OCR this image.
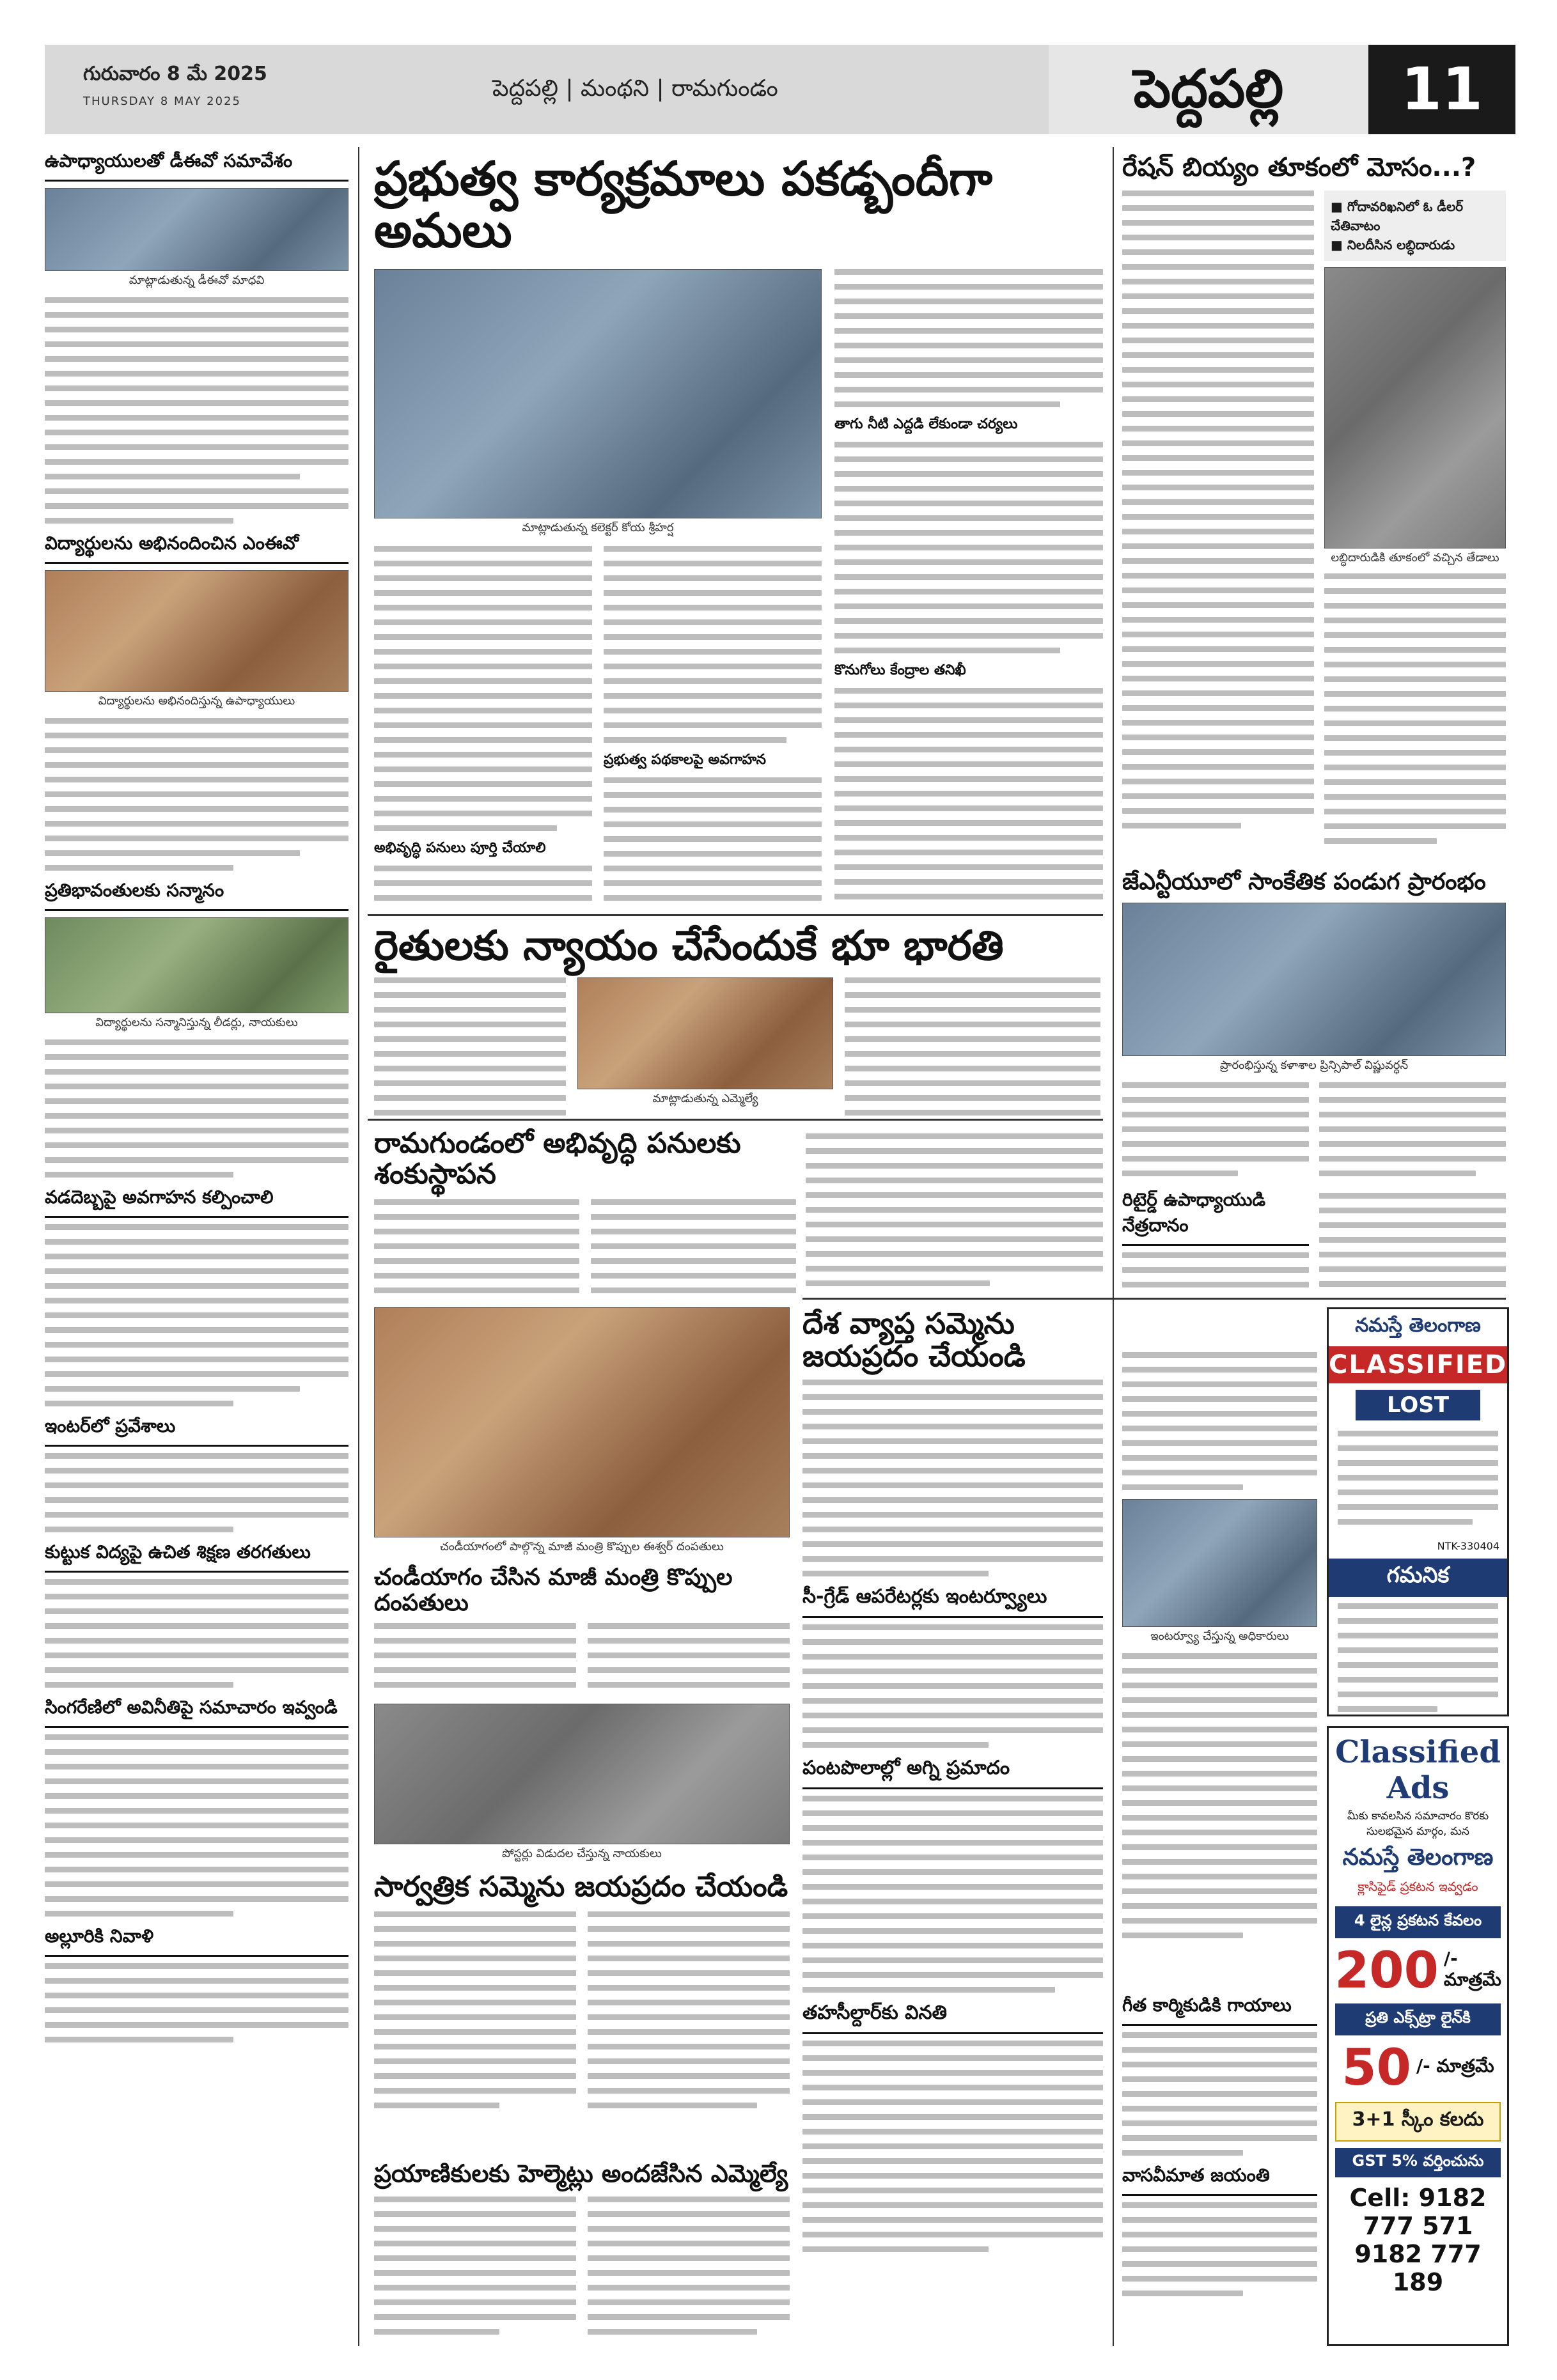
గురువారం 8 మే 2025
THURSDAY 8 MAY 2025	పెద్దపల్లి | మంథని | రామగుండం	పెద్దపల్లి	11
ఉపాధ్యాయులతో డీఈవో సమావేశం
మాట్లాడుతున్న డీఈవో మాధవి
విద్యార్థులను అభినందించిన ఎంఈవో
విద్యార్థులను అభినందిస్తున్న ఉపాధ్యాయులు
ప్రతిభావంతులకు సన్మానం
విద్యార్థులను సన్మానిస్తున్న లీడర్లు, నాయకులు
వడదెబ్బపై అవగాహన కల్పించాలి
ఇంటర్‌లో ప్రవేశాలు
కుట్టుక విద్యపై ఉచిత శిక్షణ తరగతులు
సింగరేణిలో అవినీతిపై సమాచారం ఇవ్వండి
అల్లూరికి నివాళి
ప్రభుత్వ కార్యక్రమాలు పకడ్బందీగా అమలు
మాట్లాడుతున్న కలెక్టర్ కోయ శ్రీహర్ష
అభివృద్ధి పనులు పూర్తి చేయాలి
ప్రభుత్వ పథకాలపై అవగాహన
తాగు నీటి ఎద్దడి లేకుండా చర్యలు
కొనుగోలు కేంద్రాల తనిఖీ
రైతులకు న్యాయం చేసేందుకే భూ భారతి
మాట్లాడుతున్న ఎమ్మెల్యే
రామగుండంలో అభివృద్ధి పనులకు శంకుస్థాపన
చండీయాగంలో పాల్గొన్న మాజీ మంత్రి కొప్పుల ఈశ్వర్ దంపతులు
చండీయాగం చేసిన మాజీ మంత్రి కొప్పుల దంపతులు
పోస్టర్లు విడుదల చేస్తున్న నాయకులు
సార్వత్రిక సమ్మెను జయప్రదం చేయండి
ప్రయాణికులకు హెల్మెట్లు అందజేసిన ఎమ్మెల్యే
దేశ వ్యాప్త సమ్మెను జయప్రదం చేయండి
సీ-గ్రేడ్ ఆపరేటర్లకు ఇంటర్వ్యూలు
పంటపొలాల్లో అగ్ని ప్రమాదం
తహసీల్దార్‌కు వినతి
రేషన్ బియ్యం తూకంలో మోసం...?
■ గోదావరిఖనిలో ఓ డీలర్ చేతివాటం
■ నిలదీసిన లబ్ధిదారుడు
లబ్ధిదారుడికి తూకంలో వచ్చిన తేడాలు
జేఎన్టీయూలో సాంకేతిక పండుగ ప్రారంభం
ప్రారంభిస్తున్న కళాశాల ప్రిన్సిపాల్ విష్ణువర్ధన్
రిటైర్డ్ ఉపాధ్యాయుడి నేత్రదానం
నమస్తే తెలంగాణ
CLASSIFIED
LOST
NTK-330404
గమనిక
Classified Ads
మీకు కావలసిన సమాచారం కొరకు సులభమైన మార్గం, మన
నమస్తే తెలంగాణ
క్లాసిఫైడ్ ప్రకటన ఇవ్వడం
4 లైన్ల ప్రకటన కేవలం
200 /- మాత్రమే
ప్రతి ఎక్స్‌ట్రా లైన్‌కి
50 /- మాత్రమే
3+1 స్కీం కలదు
GST 5% వర్తించును
Cell: 9182 777 571
9182 777 189
గీత కార్మికుడికి గాయాలు
వాసవీమాత జయంతి
ఇంటర్వ్యూ చేస్తున్న అధికారులు
